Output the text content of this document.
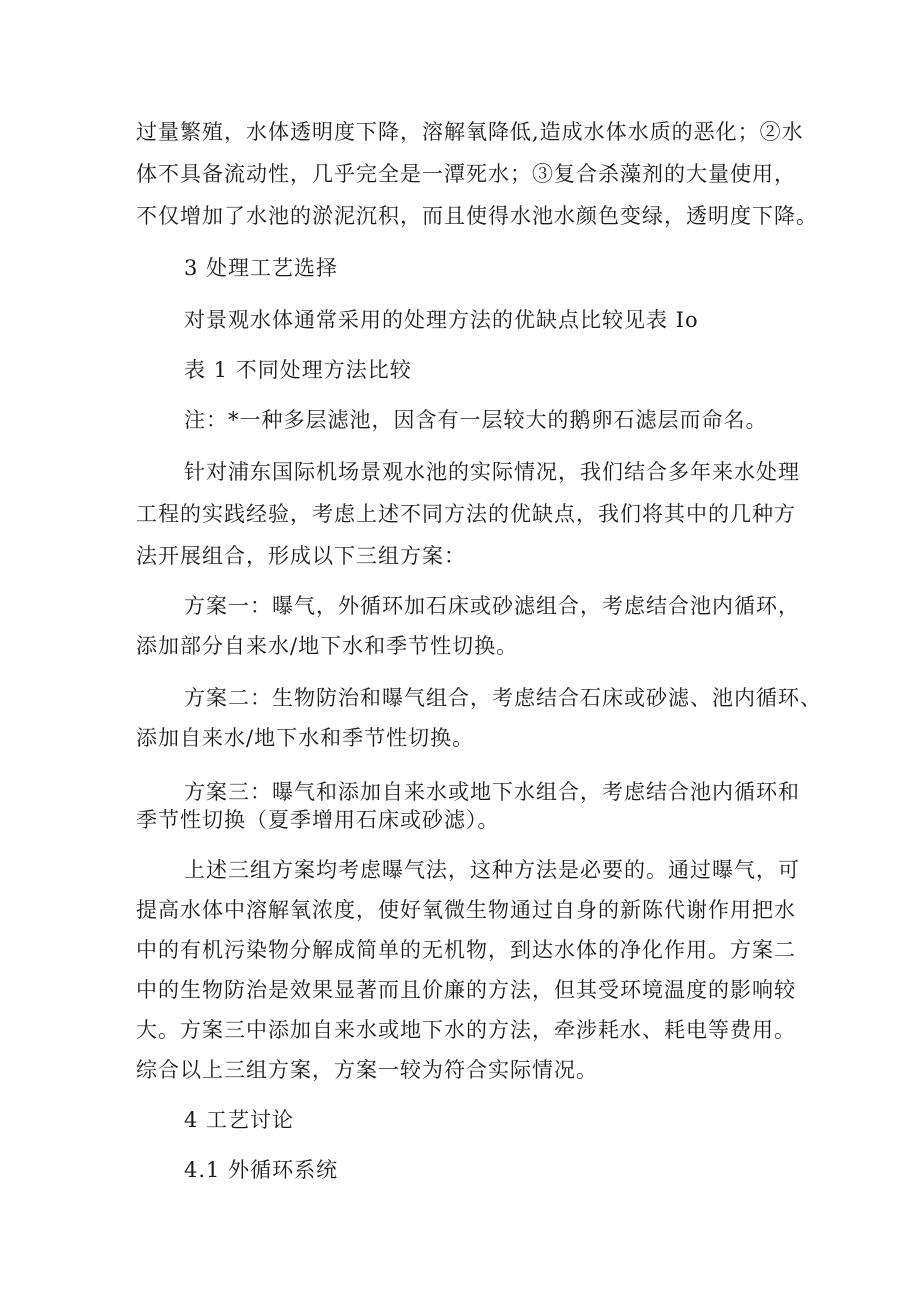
过量繁殖，水体透明度下降，溶解氧降低,造成水体水质的恶化；②水
体不具备流动性，几乎完全是一潭死水；③复合杀藻剂的大量使用，
不仅增加了水池的淤泥沉积，而且使得水池水颜色变绿，透明度下降。
3 处理工艺选择
对景观水体通常采用的处理方法的优缺点比较见表 Io
表 1 不同处理方法比较
注：*一种多层滤池，因含有一层较大的鹅卵石滤层而命名。
针对浦东国际机场景观水池的实际情况，我们结合多年来水处理
工程的实践经验，考虑上述不同方法的优缺点，我们将其中的几种方
法开展组合，形成以下三组方案：
方案一：曝气，外循环加石床或砂滤组合，考虑结合池内循环，
添加部分自来水/地下水和季节性切换。
方案二：生物防治和曝气组合，考虑结合石床或砂滤、池内循环、
添加自来水/地下水和季节性切换。
方案三：曝气和添加自来水或地下水组合，考虑结合池内循环和
季节性切换（夏季增用石床或砂滤）。
上述三组方案均考虑曝气法，这种方法是必要的。通过曝气，可
提高水体中溶解氧浓度，使好氧微生物通过自身的新陈代谢作用把水
中的有机污染物分解成简单的无机物，到达水体的净化作用。方案二
中的生物防治是效果显著而且价廉的方法，但其受环境温度的影响较
大。方案三中添加自来水或地下水的方法，牵涉耗水、耗电等费用。
综合以上三组方案，方案一较为符合实际情况。
4 工艺讨论
4.1 外循环系统
